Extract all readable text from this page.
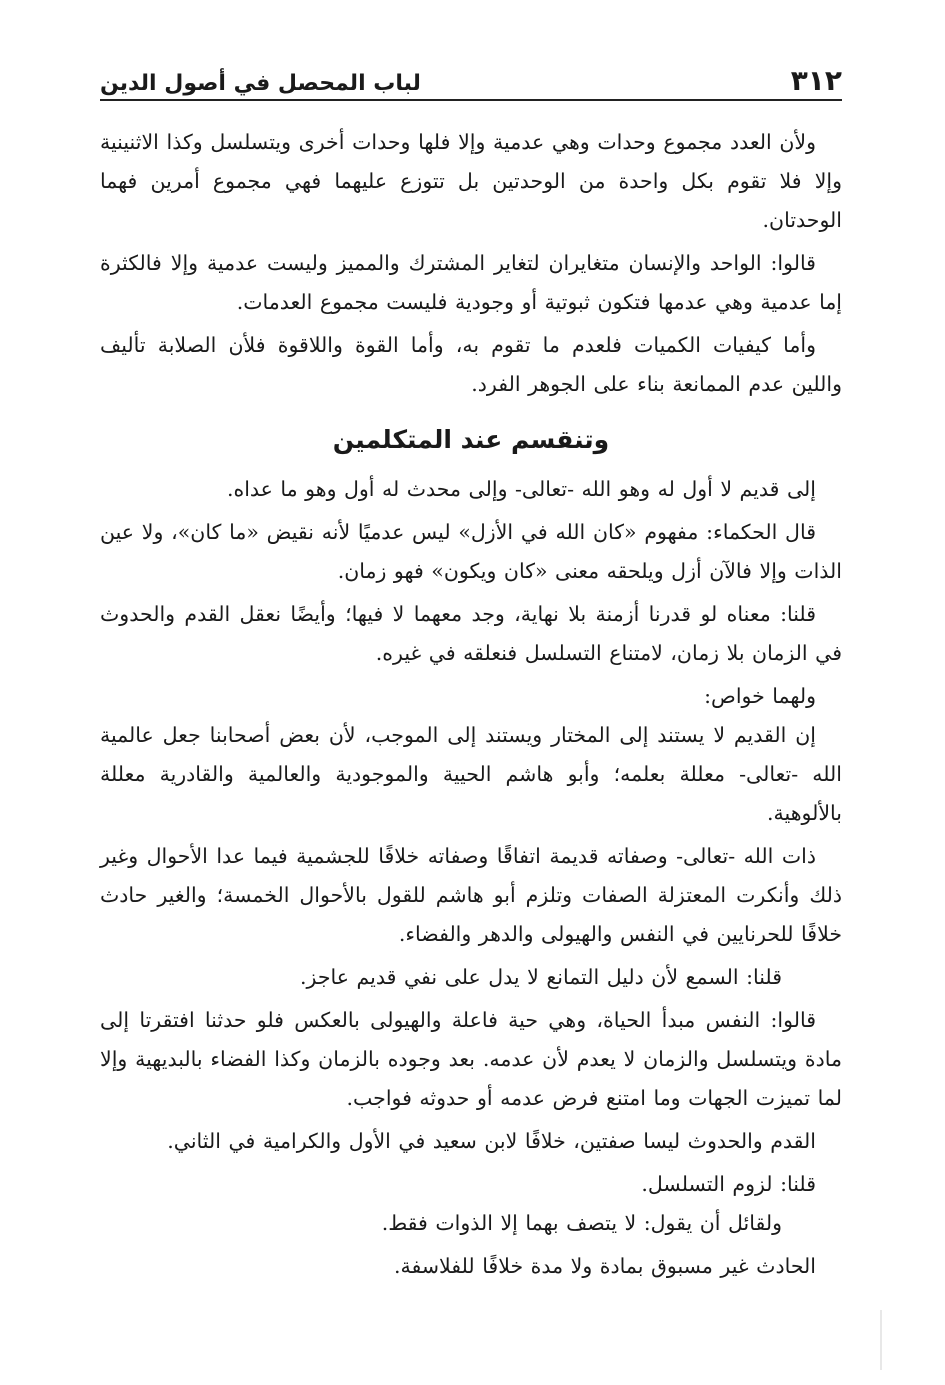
٣١٢
لباب المحصل في أصول الدين

ولأن العدد مجموع وحدات وهي عدمية وإلا فلها وحدات أخرى ويتسلسل وكذا الاثنينية وإلا فلا تقوم بكل واحدة من الوحدتين بل تتوزع عليهما فهي مجموع أمرين فهما الوحدتان.

قالوا: الواحد والإنسان متغايران لتغاير المشترك والمميز وليست عدمية وإلا فالكثرة إما عدمية وهي عدمها فتكون ثبوتية أو وجودية فليست مجموع العدمات.

وأما كيفيات الكميات فلعدم ما تقوم به، وأما القوة واللاقوة فلأن الصلابة تأليف واللين عدم الممانعة بناء على الجوهر الفرد.

وتنقسم عند المتكلمين

إلى قديم لا أول له وهو الله -تعالى- وإلى محدث له أول وهو ما عداه.

قال الحكماء: مفهوم «كان الله في الأزل» ليس عدميًا لأنه نقيض «ما كان»، ولا عين الذات وإلا فالآن أزل ويلحقه معنى «كان ويكون» فهو زمان.

قلنا: معناه لو قدرنا أزمنة بلا نهاية، وجد معهما لا فيها؛ وأيضًا نعقل القدم والحدوث في الزمان بلا زمان، لامتناع التسلسل فنعلقه في غيره.

ولهما خواص:

إن القديم لا يستند إلى المختار ويستند إلى الموجب، لأن بعض أصحابنا جعل عالمية الله -تعالى- معللة بعلمه؛ وأبو هاشم الحيية والموجودية والعالمية والقادرية معللة بالألوهية.

ذات الله -تعالى- وصفاته قديمة اتفاقًا وصفاته خلافًا للجشمية فيما عدا الأحوال وغير ذلك وأنكرت المعتزلة الصفات وتلزم أبو هاشم للقول بالأحوال الخمسة؛ والغير حادث خلافًا للحرنايين في النفس والهيولى والدهر والفضاء.

قلنا: السمع لأن دليل التمانع لا يدل على نفي قديم عاجز.

قالوا: النفس مبدأ الحياة، وهي حية فاعلة والهيولى بالعكس فلو حدثنا افتقرتا إلى مادة ويتسلسل والزمان لا يعدم لأن عدمه. بعد وجوده بالزمان وكذا الفضاء بالبديهية وإلا لما تميزت الجهات وما امتنع فرض عدمه أو حدوثه فواجب.

القدم والحدوث ليسا صفتين، خلافًا لابن سعيد في الأول والكرامية في الثاني.

قلنا: لزوم التسلسل.

ولقائل أن يقول: لا يتصف بهما إلا الذوات فقط.

الحادث غير مسبوق بمادة ولا مدة خلافًا للفلاسفة.
